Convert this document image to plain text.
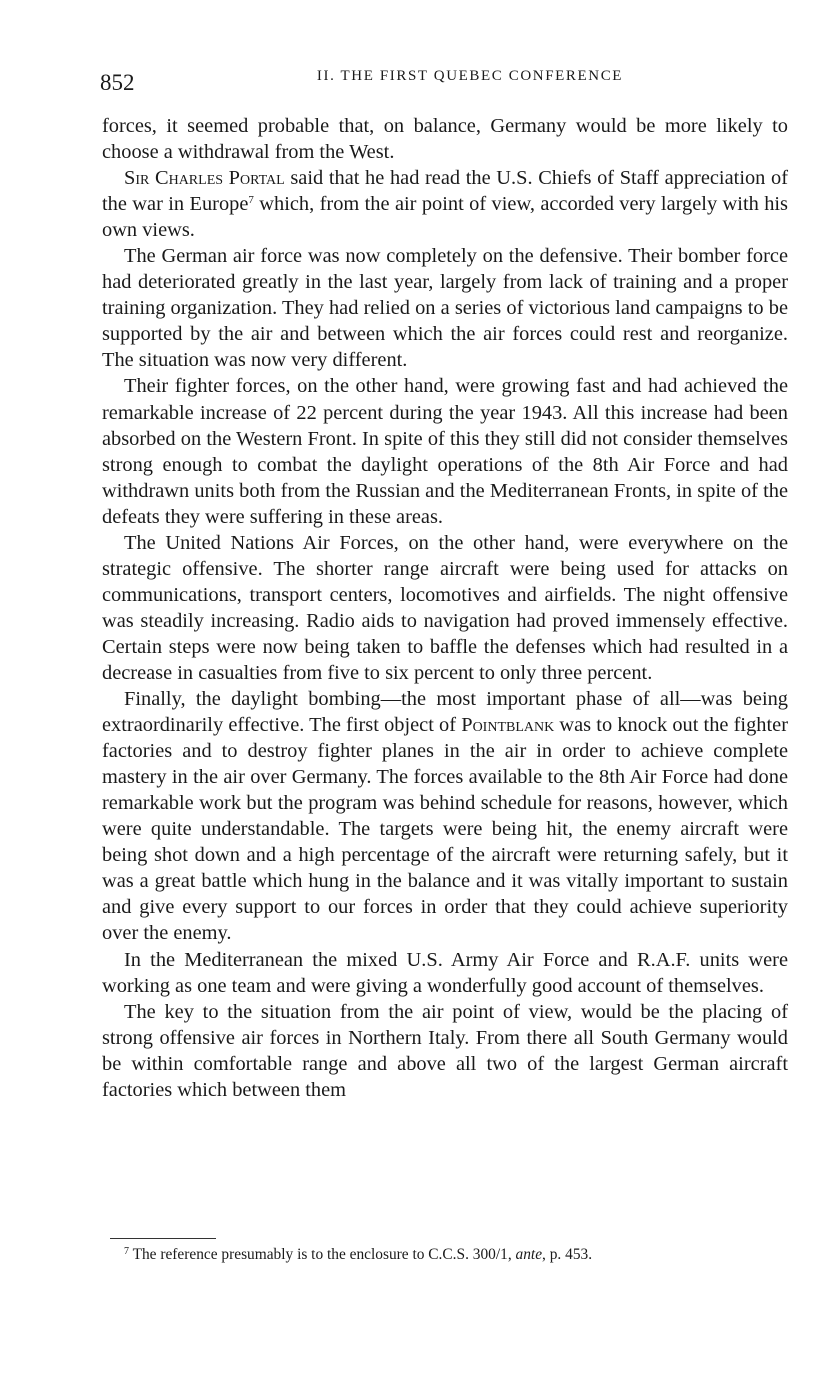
852	II. THE FIRST QUEBEC CONFERENCE

forces, it seemed probable that, on balance, Germany would be more likely to choose a withdrawal from the West.

Sir Charles Portal said that he had read the U.S. Chiefs of Staff appreciation of the war in Europe$^7$ which, from the air point of view, accorded very largely with his own views.

The German air force was now completely on the defensive. Their bomber force had deteriorated greatly in the last year, largely from lack of training and a proper training organization. They had relied on a series of victorious land campaigns to be supported by the air and between which the air forces could rest and reorganize. The situation was now very different.

Their fighter forces, on the other hand, were growing fast and had achieved the remarkable increase of 22 percent during the year 1943. All this increase had been absorbed on the Western Front. In spite of this they still did not consider themselves strong enough to combat the daylight operations of the 8th Air Force and had withdrawn units both from the Russian and the Mediterranean Fronts, in spite of the defeats they were suffering in these areas.

The United Nations Air Forces, on the other hand, were everywhere on the strategic offensive. The shorter range aircraft were being used for attacks on communications, transport centers, locomotives and airfields. The night offensive was steadily increasing. Radio aids to navigation had proved immensely effective. Certain steps were now being taken to baffle the defenses which had resulted in a decrease in casualties from five to six percent to only three percent.

Finally, the daylight bombing—the most important phase of all—was being extraordinarily effective. The first object of Pointblank was to knock out the fighter factories and to destroy fighter planes in the air in order to achieve complete mastery in the air over Germany. The forces available to the 8th Air Force had done remarkable work but the program was behind schedule for reasons, however, which were quite understandable. The targets were being hit, the enemy aircraft were being shot down and a high percentage of the aircraft were returning safely, but it was a great battle which hung in the balance and it was vitally important to sustain and give every support to our forces in order that they could achieve superiority over the enemy.

In the Mediterranean the mixed U.S. Army Air Force and R.A.F. units were working as one team and were giving a wonderfully good account of themselves.

The key to the situation from the air point of view, would be the placing of strong offensive air forces in Northern Italy. From there all South Germany would be within comfortable range and above all two of the largest German aircraft factories which between them

$^7$ The reference presumably is to the enclosure to C.C.S. 300/1, ante, p. 453.
